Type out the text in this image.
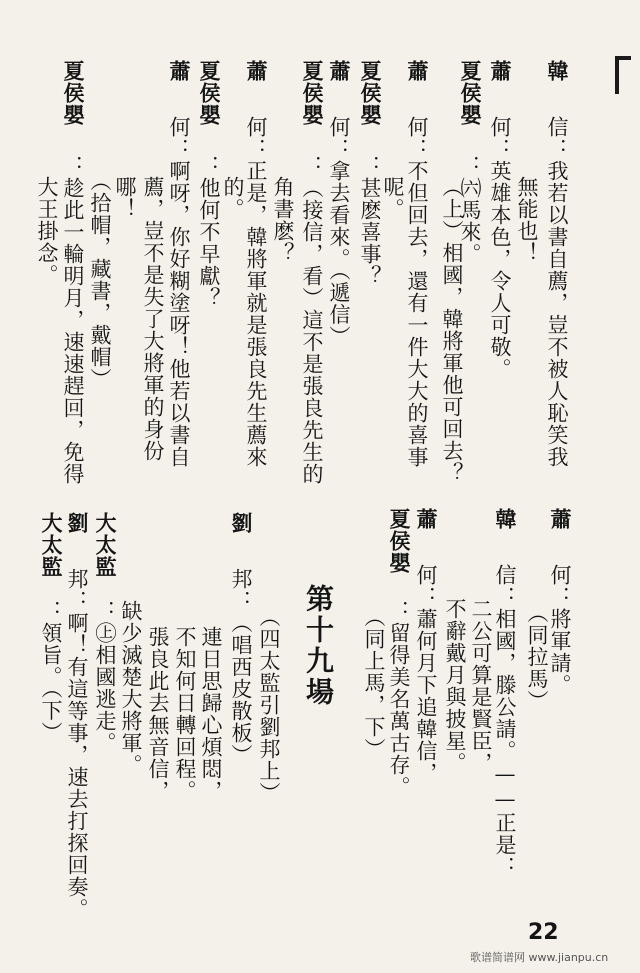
韓
信：我若以書自薦，豈不被人恥笑我
無能也！
蕭
何：英雄本色，令人可敬。
夏侯嬰
：㈥馬來。
（上）相國，韓將軍他可回去？
蕭
何：不但回去，還有一件大大的喜事
呢。
夏侯嬰
：甚麽喜事？
蕭
何：拿去看來。（遞信）
夏侯嬰
：（接信，看）這不是張良先生的
角書麽？
蕭
何：正是，韓將軍就是張良先生薦來
的。
夏侯嬰
：他何不早獻？
蕭
何：啊呀，你好糊塗呀！他若以書自
薦，豈不是失了大將軍的身份
哪！
（拾帽，藏書，戴帽）
夏侯嬰
：趁此一輪明月，速速趕回，免得
大王掛念。
蕭
何：將軍請。
（同拉馬）
韓
信：相國，滕公請。——正是：
二公可算是賢臣，
不辭戴月與披星。
蕭
何：蕭何月下追韓信，
夏侯嬰
：留得美名萬古存。
（同上馬，下）
第十九場
（四太監引劉邦上）
劉
邦：（唱西皮散板）
連日思歸心煩悶，
不知何日轉回程。
張良此去無音信，
缺少滅楚大將軍。
大太監
：㊤相國逃走。
劉
邦：啊！有這等事，速去打探回奏。
大太監
：領旨。（下）
22
歌谱简谱网 www.jianpu.cn
